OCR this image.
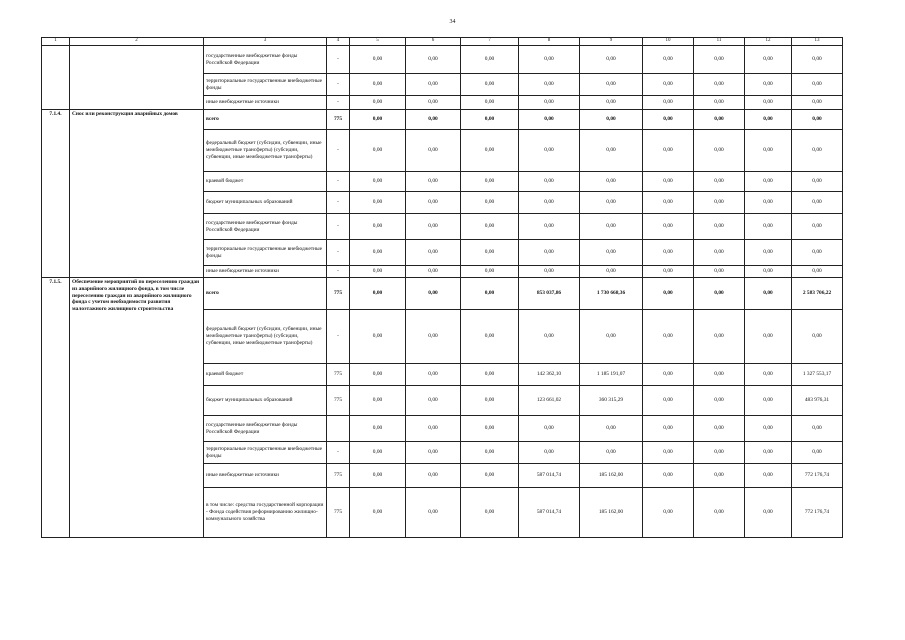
34
1	2	3	4	5	6	7	8	9	10	11	12	13
		государственные внебюджетные фонды Российской Федерации	-	0,00	0,00	0,00	0,00	0,00	0,00	0,00	0,00	0,00
		территориальные государственные внебюджетные фонды	-	0,00	0,00	0,00	0,00	0,00	0,00	0,00	0,00	0,00
		иные внебюджетные источники	-	0,00	0,00	0,00	0,00	0,00	0,00	0,00	0,00	0,00
7.1.4.	Снос или реконструкция аварийных домов	всего	775	0,00	0,00	0,00	0,00	0,00	0,00	0,00	0,00	0,00
		федеральный бюджет (субсидии, субвенции, иные межбюджетные трансферты) (субсидии, субвенции, иные межбюджетные трансферты)	-	0,00	0,00	0,00	0,00	0,00	0,00	0,00	0,00	0,00
		краевой бюджет	-	0,00	0,00	0,00	0,00	0,00	0,00	0,00	0,00	0,00
		бюджет муниципальных образований	-	0,00	0,00	0,00	0,00	0,00	0,00	0,00	0,00	0,00
		государственные внебюджетные фонды Российской Федерации	-	0,00	0,00	0,00	0,00	0,00	0,00	0,00	0,00	0,00
		территориальные государственные внебюджетные фонды	-	0,00	0,00	0,00	0,00	0,00	0,00	0,00	0,00	0,00
		иные внебюджетные источники	-	0,00	0,00	0,00	0,00	0,00	0,00	0,00	0,00	0,00
7.1.5.	Обеспечение мероприятий по переселению граждан из аварийного жилищного фонда, в том числе переселению граждан из аварийного жилищного фонда с учетом необходимости развития малоэтажного жилищного строительства	всего	775	0,00	0,00	0,00	853 037,86	1 730 668,36	0,00	0,00	0,00	2 583 706,22
		федеральный бюджет (субсидии, субвенции, иные межбюджетные трансферты) (субсидии, субвенции, иные межбюджетные трансферты)	-	0,00	0,00	0,00	0,00	0,00	0,00	0,00	0,00	0,00
		краевой бюджет	775	0,00	0,00	0,00	142 362,10	1 185 191,07	0,00	0,00	0,00	1 327 553,17
		бюджет муниципальных образований	775	0,00	0,00	0,00	123 661,02	360 315,29	0,00	0,00	0,00	483 976,31
		государственные внебюджетные фонды Российской Федерации		0,00	0,00	0,00	0,00	0,00	0,00	0,00	0,00	0,00
		территориальные государственные внебюджетные фонды	-	0,00	0,00	0,00	0,00	0,00	0,00	0,00	0,00	0,00
		иные внебюджетные источники	775	0,00	0,00	0,00	587 014,74	185 162,00	0,00	0,00	0,00	772 176,74
		в том числе: средства государственной корпорации - Фонда содействия реформированию жилищно-коммунального хозяйства	775	0,00	0,00	0,00	587 014,74	185 162,00	0,00	0,00	0,00	772 176,74
